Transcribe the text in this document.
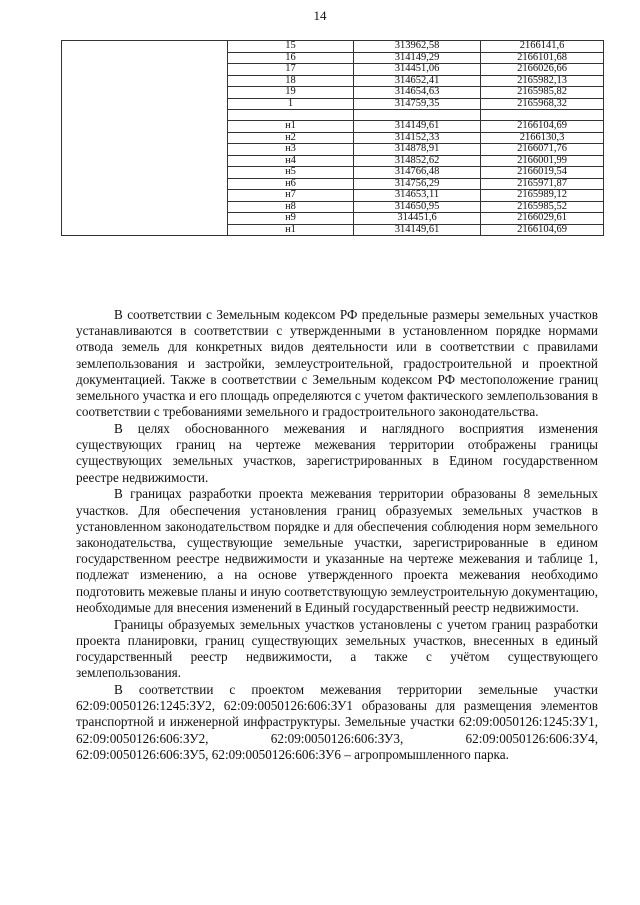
14
	15	313962,58	2166141,6
	16	314149,29	2166101,68
	17	314451,06	2166026,66
	18	314652,41	2165982,13
	19	314654,63	2165985,82
	1	314759,35	2165968,32

	н1	314149,61	2166104,69
	н2	314152,33	2166130,3
	н3	314878,91	2166071,76
	н4	314852,62	2166001,99
	н5	314766,48	2166019,54
	н6	314756,29	2165971,87
	н7	314653,11	2165989,12
	н8	314650,95	2165985,52
	н9	314451,6	2166029,61
	н1	314149,61	2166104,69

В соответствии с Земельным кодексом РФ предельные размеры земельных участков устанавливаются в соответствии с утвержденными в установленном порядке нормами отвода земель для конкретных видов деятельности или в соответствии с правилами землепользования и застройки, землеустроительной, градостроительной и проектной документацией. Также в соответствии с Земельным кодексом РФ местоположение границ земельного участка и его площадь определяются с учетом фактического землепользования в соответствии с требованиями земельного и градостроительного законодательства.

В целях обоснованного межевания и наглядного восприятия изменения существующих границ на чертеже межевания территории отображены границы существующих земельных участков, зарегистрированных в Едином государственном реестре недвижимости.

В границах разработки проекта межевания территории образованы 8 земельных участков. Для обеспечения установления границ образуемых земельных участков в установленном законодательством порядке и для обеспечения соблюдения норм земельного законодательства, существующие земельные участки, зарегистрированные в едином государственном реестре недвижимости и указанные на чертеже межевания и таблице 1, подлежат изменению, а на основе утвержденного проекта межевания необходимо подготовить межевые планы и иную соответствующую землеустроительную документацию, необходимые для внесения изменений в Единый государственный реестр недвижимости.

Границы образуемых земельных участков установлены с учетом границ разработки проекта планировки, границ существующих земельных участков, внесенных в единый государственный реестр недвижимости, а также с учётом существующего землепользования.

В соответствии с проектом межевания территории земельные участки 62:09:0050126:1245:ЗУ2, 62:09:0050126:606:ЗУ1 образованы для размещения элементов транспортной и инженерной инфраструктуры. Земельные участки 62:09:0050126:1245:ЗУ1, 62:09:0050126:606:ЗУ2, 62:09:0050126:606:ЗУ3, 62:09:0050126:606:ЗУ4, 62:09:0050126:606:ЗУ5, 62:09:0050126:606:ЗУ6 – агропромышленного парка.
